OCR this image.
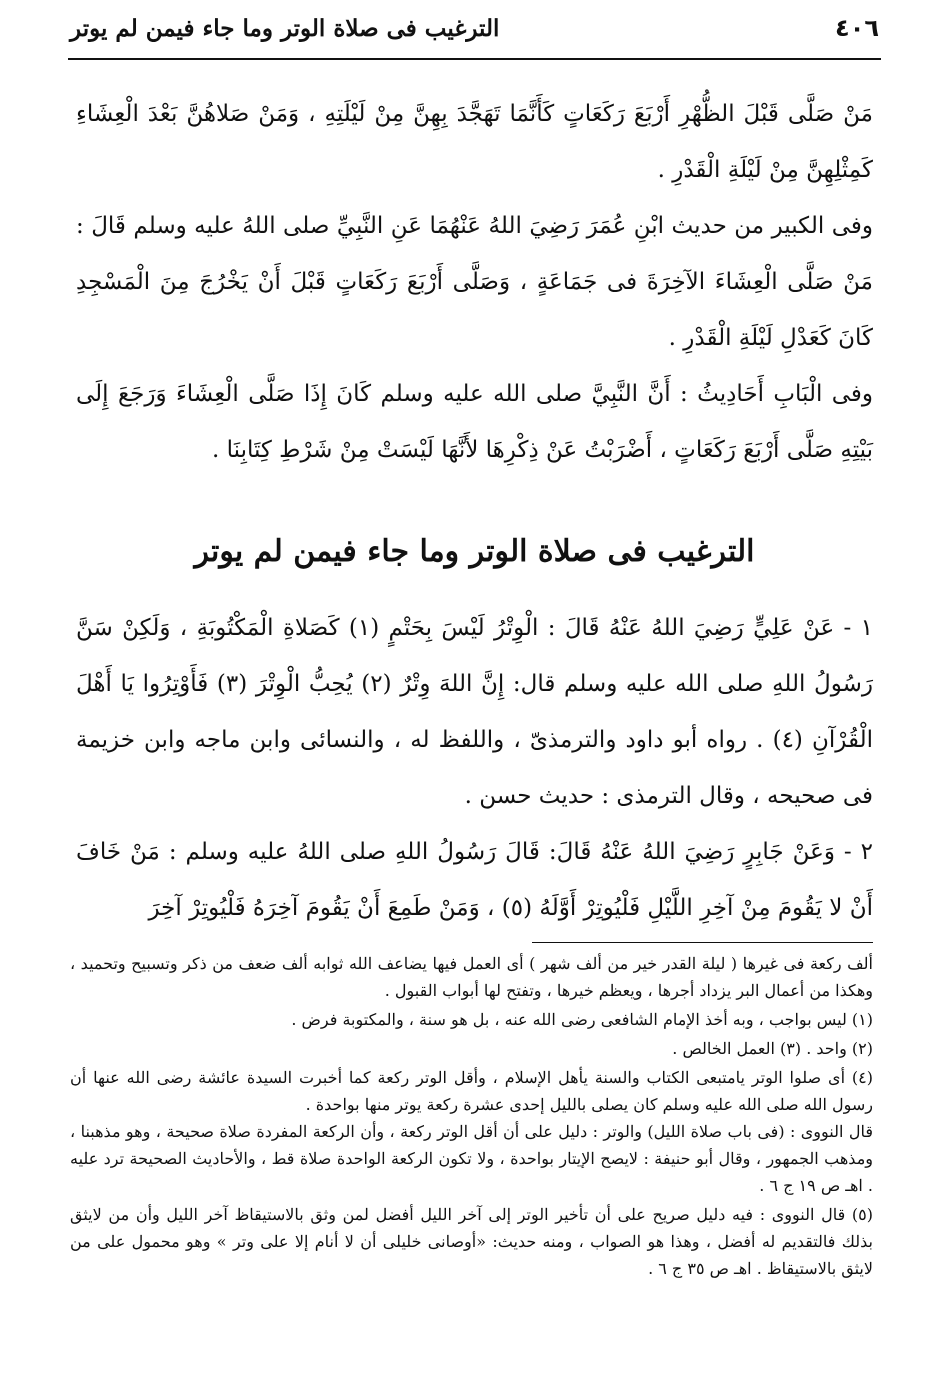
٤٠٦
الترغيب فى صلاة الوتر وما جاء فيمن لم يوتر

مَنْ صَلَّى قَبْلَ الظُّهْرِ أَرْبَعَ رَكَعَاتٍ كَأَنَّمَا تَهَجَّدَ بِهِنَّ مِنْ لَيْلَتِهِ ، وَمَنْ صَلاهُنَّ بَعْدَ الْعِشَاءِ كَمِثْلِهِنَّ مِنْ لَيْلَةِ الْقَدْرِ .

وفى الكبير من حديث ابْنِ عُمَرَ رَضِيَ اللهُ عَنْهُمَا عَنِ النَّبِيِّ صلى اللهُ عليه وسلم قَالَ : مَنْ صَلَّى الْعِشَاءَ الآخِرَةَ فى جَمَاعَةٍ ، وَصَلَّى أَرْبَعَ رَكَعَاتٍ قَبْلَ أَنْ يَخْرُجَ مِنَ الْمَسْجِدِ كَانَ كَعَدْلِ لَيْلَةِ الْقَدْرِ .

وفى الْبَابِ أَحَادِيثُ : أَنَّ النَّبِيَّ صلى الله عليه وسلم كَانَ إِذَا صَلَّى الْعِشَاءَ وَرَجَعَ إِلَى بَيْتِهِ صَلَّى أَرْبَعَ رَكَعَاتٍ ، أَضْرَبْتُ عَنْ ذِكْرِهَا لأَنَّهَا لَيْسَتْ مِنْ شَرْطِ كِتَابِنَا .

الترغيب فى صلاة الوتر وما جاء فيمن لم يوتر

١ - عَنْ عَلِيٍّ رَضِيَ اللهُ عَنْهُ قَالَ : الْوِتْرُ لَيْسَ بِحَتْمٍ (١) كَصَلاةِ الْمَكْتُوبَةِ ، وَلَكِنْ سَنَّ رَسُولُ اللهِ صلى الله عليه وسلم قال: إِنَّ اللهَ وِتْرٌ (٢) يُحِبُّ الْوِتْرَ (٣) فَأَوْتِرُوا يَا أَهْلَ الْقُرْآنِ (٤) . رواه أبو داود والترمذىّ ، واللفظ له ، والنسائى وابن ماجه وابن خزيمة فى صحيحه ، وقال الترمذى : حديث حسن .

٢ - وَعَنْ جَابِرٍ رَضِيَ اللهُ عَنْهُ قَالَ: قَالَ رَسُولُ اللهِ صلى اللهُ عليه وسلم : مَنْ خَافَ أَنْ لا يَقُومَ مِنْ آخِرِ اللَّيْلِ فَلْيُوتِرْ أَوَّلَهُ (٥) ، وَمَنْ طَمِعَ أَنْ يَقُومَ آخِرَهُ فَلْيُوتِرْ آخِرَ

ألف ركعة فى غيرها ( ليلة القدر خير من ألف شهر ) أى العمل فيها يضاعف الله ثوابه ألف ضعف من ذكر وتسبيح وتحميد ، وهكذا من أعمال البر يزداد أجرها ، ويعظم خيرها ، وتفتح لها أبواب القبول .

(١) ليس بواجب ، وبه أخذ الإمام الشافعى رضى الله عنه ، بل هو سنة ، والمكتوبة فرض .

(٢) واحد . (٣) العمل الخالص .

(٤) أى صلوا الوتر يامتبعى الكتاب والسنة يأهل الإسلام ، وأقل الوتر ركعة كما أخبرت السيدة عائشة رضى الله عنها أن رسول الله صلى الله عليه وسلم كان يصلى بالليل إحدى عشرة ركعة يوتر منها بواحدة .

قال النووى : (فى باب صلاة الليل) والوتر : دليل على أن أقل الوتر ركعة ، وأن الركعة المفردة صلاة صحيحة ، وهو مذهبنا ، ومذهب الجمهور ، وقال أبو حنيفة : لايصح الإيتار بواحدة ، ولا تكون الركعة الواحدة صلاة قط ، والأحاديث الصحيحة ترد عليه . اهـ ص ١٩ ج ٦ .

(٥) قال النووى : فيه دليل صريح على أن تأخير الوتر إلى آخر الليل أفضل لمن وثق بالاستيقاظ آخر الليل وأن من لايثق بذلك فالتقديم له أفضل ، وهذا هو الصواب ، ومنه حديث: «أوصانى خليلى أن لا أنام إلا على وتر » وهو محمول على من لايثق بالاستيقاظ . اهـ ص ٣٥ ج ٦ .
